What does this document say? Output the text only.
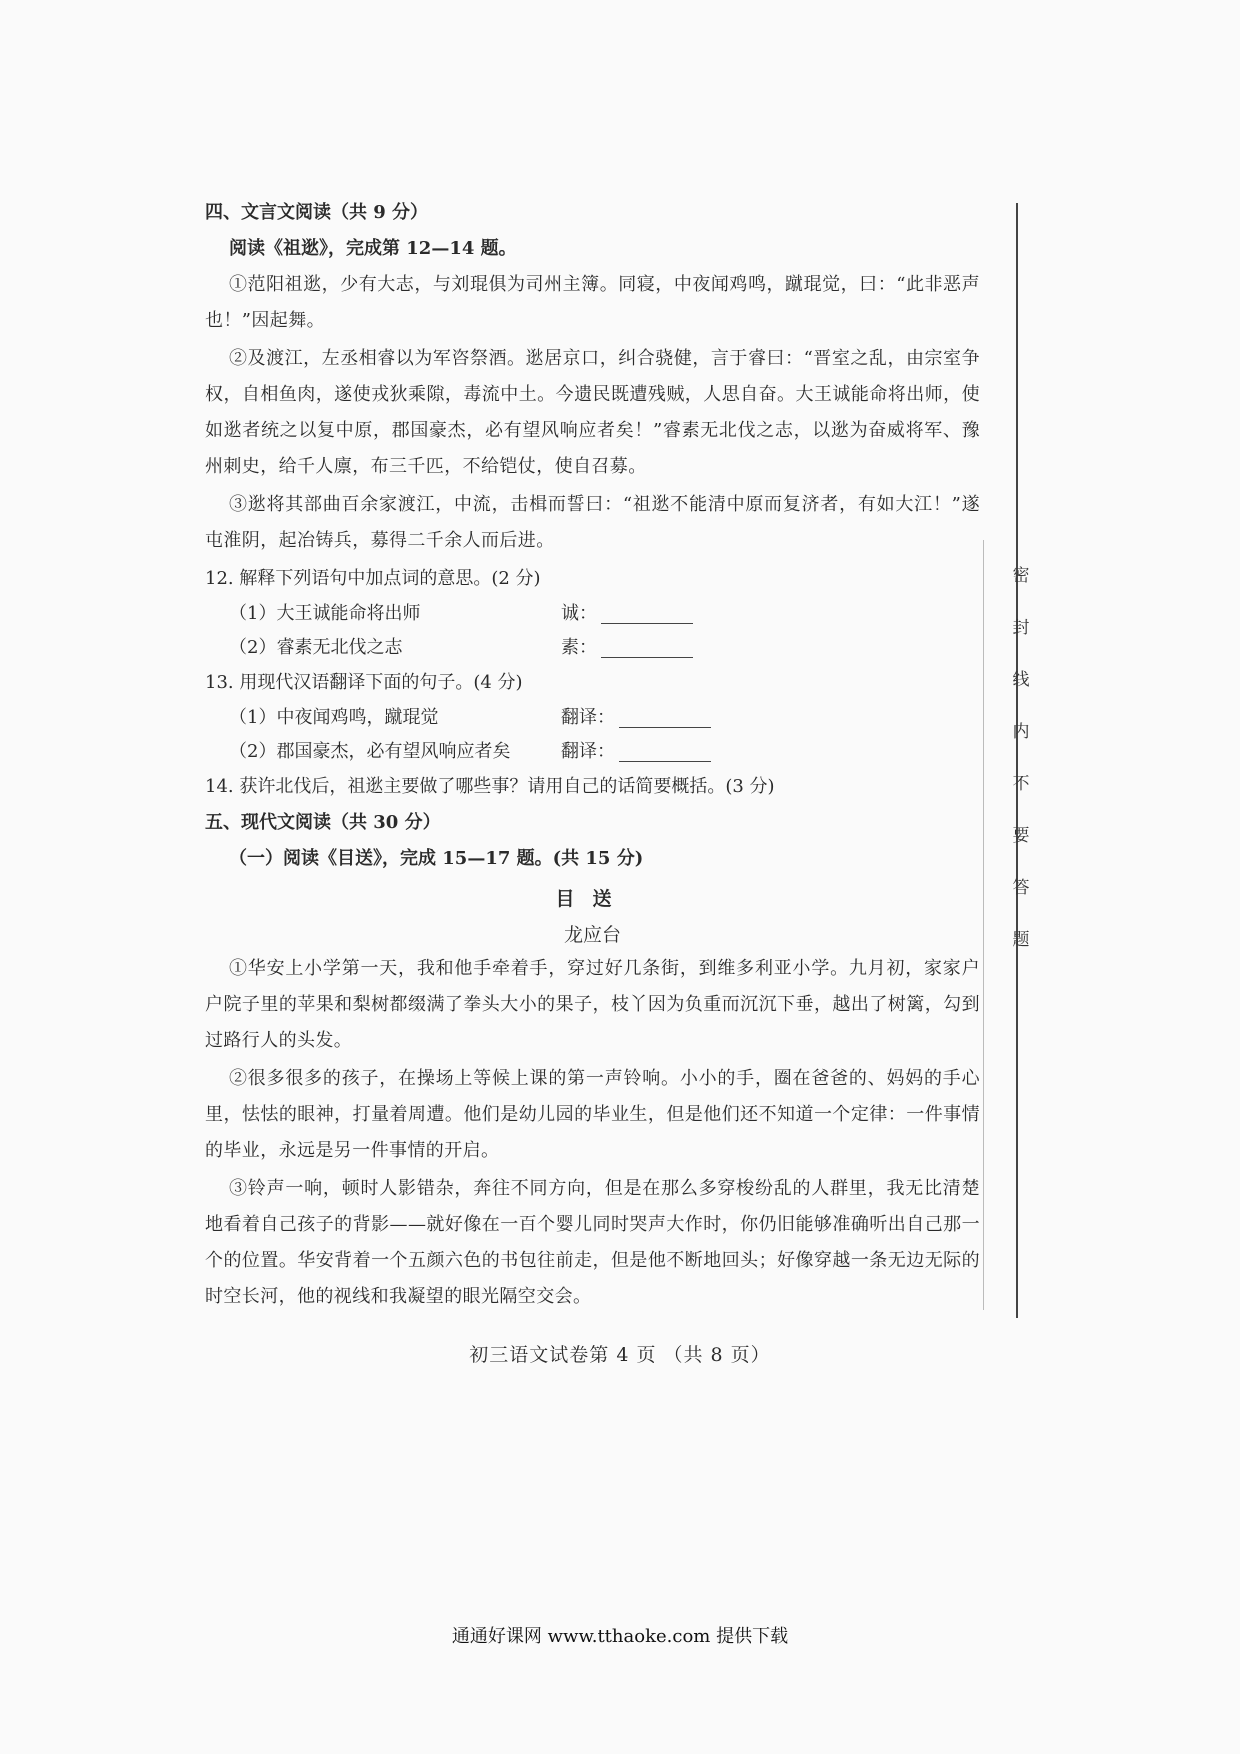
四、文言文阅读（共 9 分）
阅读《祖逖》，完成第 12—14 题。
①范阳祖逖，少有大志，与刘琨俱为司州主簿。同寝，中夜闻鸡鸣，蹴琨觉，曰：“此非恶声也！”因起舞。
②及渡江，左丞相睿以为军咨祭酒。逖居京口，纠合骁健，言于睿曰：“晋室之乱，由宗室争权，自相鱼肉，遂使戎狄乘隙，毒流中土。今遗民既遭残贼，人思自奋。大王诚能命将出师，使如逖者统之以复中原，郡国豪杰，必有望风响应者矣！”睿素无北伐之志，以逖为奋威将军、豫州刺史，给千人廪，布三千匹，不给铠仗，使自召募。
③逖将其部曲百余家渡江，中流，击楫而誓曰：“祖逖不能清中原而复济者，有如大江！”遂屯淮阴，起冶铸兵，募得二千余人而后进。
12. 解释下列语句中加点词的意思。(2 分)
（1）大王诚能命将出师	诚：
（2）睿素无北伐之志	素：
13. 用现代汉语翻译下面的句子。(4 分)
（1）中夜闻鸡鸣，蹴琨觉	翻译：
（2）郡国豪杰，必有望风响应者矣	翻译：
14. 获许北伐后，祖逖主要做了哪些事？请用自己的话简要概括。(3 分)
五、现代文阅读（共 30 分）
（一）阅读《目送》，完成 15—17 题。(共 15 分)
目送
龙应台
①华安上小学第一天，我和他手牵着手，穿过好几条街，到维多利亚小学。九月初，家家户户院子里的苹果和梨树都缀满了拳头大小的果子，枝丫因为负重而沉沉下垂，越出了树篱，勾到过路行人的头发。
②很多很多的孩子，在操场上等候上课的第一声铃响。小小的手，圈在爸爸的、妈妈的手心里，怯怯的眼神，打量着周遭。他们是幼儿园的毕业生，但是他们还不知道一个定律：一件事情的毕业，永远是另一件事情的开启。
③铃声一响，顿时人影错杂，奔往不同方向，但是在那么多穿梭纷乱的人群里，我无比清楚地看着自己孩子的背影——就好像在一百个婴儿同时哭声大作时，你仍旧能够准确听出自己那一个的位置。华安背着一个五颜六色的书包往前走，但是他不断地回头；好像穿越一条无边无际的时空长河，他的视线和我凝望的眼光隔空交会。
密
封
线
内
不
要
答
题
初三语文试卷第 4 页 （共 8 页）
通通好课网 www.tthaoke.com 提供下载
